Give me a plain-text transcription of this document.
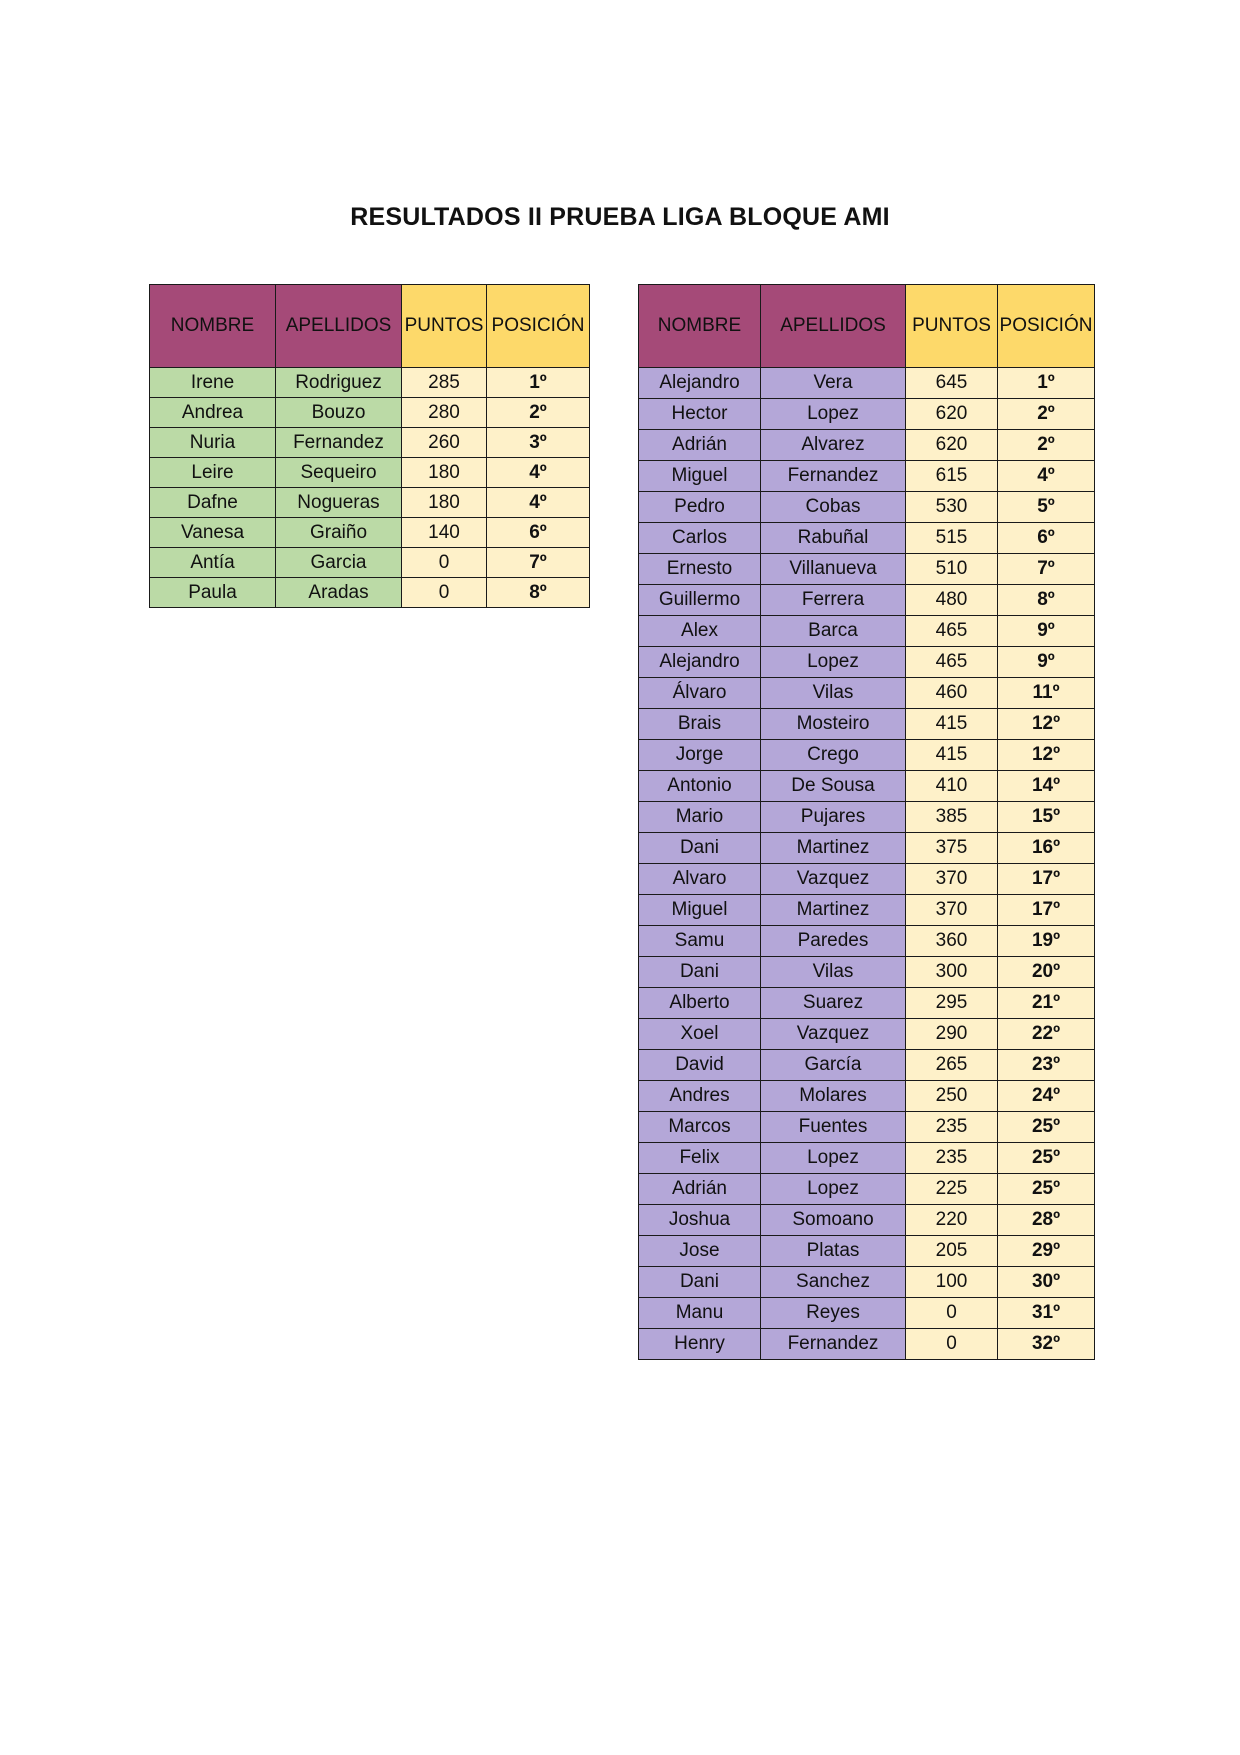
RESULTADOS II PRUEBA LIGA BLOQUE AMI
NOMBRE	APELLIDOS	PUNTOS	POSICIÓN
Irene	Rodriguez	285	1º
Andrea	Bouzo	280	2º
Nuria	Fernandez	260	3º
Leire	Sequeiro	180	4º
Dafne	Nogueras	180	4º
Vanesa	Graiño	140	6º
Antía	Garcia	0	7º
Paula	Aradas	0	8º
NOMBRE	APELLIDOS	PUNTOS	POSICIÓN
Alejandro	Vera	645	1º
Hector	Lopez	620	2º
Adrián	Alvarez	620	2º
Miguel	Fernandez	615	4º
Pedro	Cobas	530	5º
Carlos	Rabuñal	515	6º
Ernesto	Villanueva	510	7º
Guillermo	Ferrera	480	8º
Alex	Barca	465	9º
Alejandro	Lopez	465	9º
Álvaro	Vilas	460	11º
Brais	Mosteiro	415	12º
Jorge	Crego	415	12º
Antonio	De Sousa	410	14º
Mario	Pujares	385	15º
Dani	Martinez	375	16º
Alvaro	Vazquez	370	17º
Miguel	Martinez	370	17º
Samu	Paredes	360	19º
Dani	Vilas	300	20º
Alberto	Suarez	295	21º
Xoel	Vazquez	290	22º
David	García	265	23º
Andres	Molares	250	24º
Marcos	Fuentes	235	25º
Felix	Lopez	235	25º
Adrián	Lopez	225	25º
Joshua	Somoano	220	28º
Jose	Platas	205	29º
Dani	Sanchez	100	30º
Manu	Reyes	0	31º
Henry	Fernandez	0	32º
